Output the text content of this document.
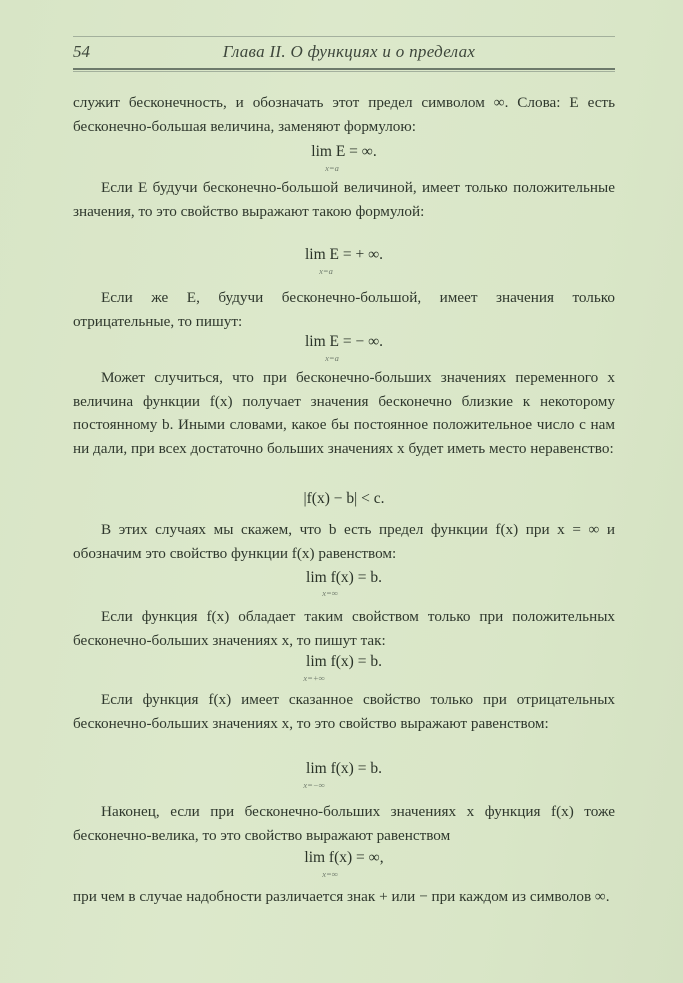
54	Глава II. О функциях и о пределах
служит бесконечность, и обозначать этот предел символом ∞. Слова: E есть бесконечно-большая величина, заменяют формулою:
lim E = ∞.
x=a
Если E будучи бесконечно-большой величиной, имеет только положительные значения, то это свойство выражают такою формулой:
lim E = + ∞.
x=a
Если же E, будучи бесконечно-большой, имеет значения только отрицательные, то пишут:
lim E = − ∞.
x=a
Может случиться, что при бесконечно-больших значениях переменного x величина функции f(x) получает значения бесконечно близкие к некоторому постоянному b. Иными словами, какое бы постоянное положительное число c нам ни дали, при всех достаточно больших значениях x будет иметь место неравенство:
|f(x) − b| < c.
В этих случаях мы скажем, что b есть предел функции f(x) при x = ∞ и обозначим это свойство функции f(x) равенством:
lim f(x) = b.
x=∞
Если функция f(x) обладает таким свойством только при положительных бесконечно-больших значениях x, то пишут так:
lim f(x) = b.
x=+∞
Если функция f(x) имеет сказанное свойство только при отрицательных бесконечно-больших значениях x, то это свойство выражают равенством:
lim f(x) = b.
x=−∞
Наконец, если при бесконечно-больших значениях x функция f(x) тоже бесконечно-велика, то это свойство выражают равенством
lim f(x) = ∞,
x=∞
при чем в случае надобности различается знак + или − при каждом из символов ∞.
